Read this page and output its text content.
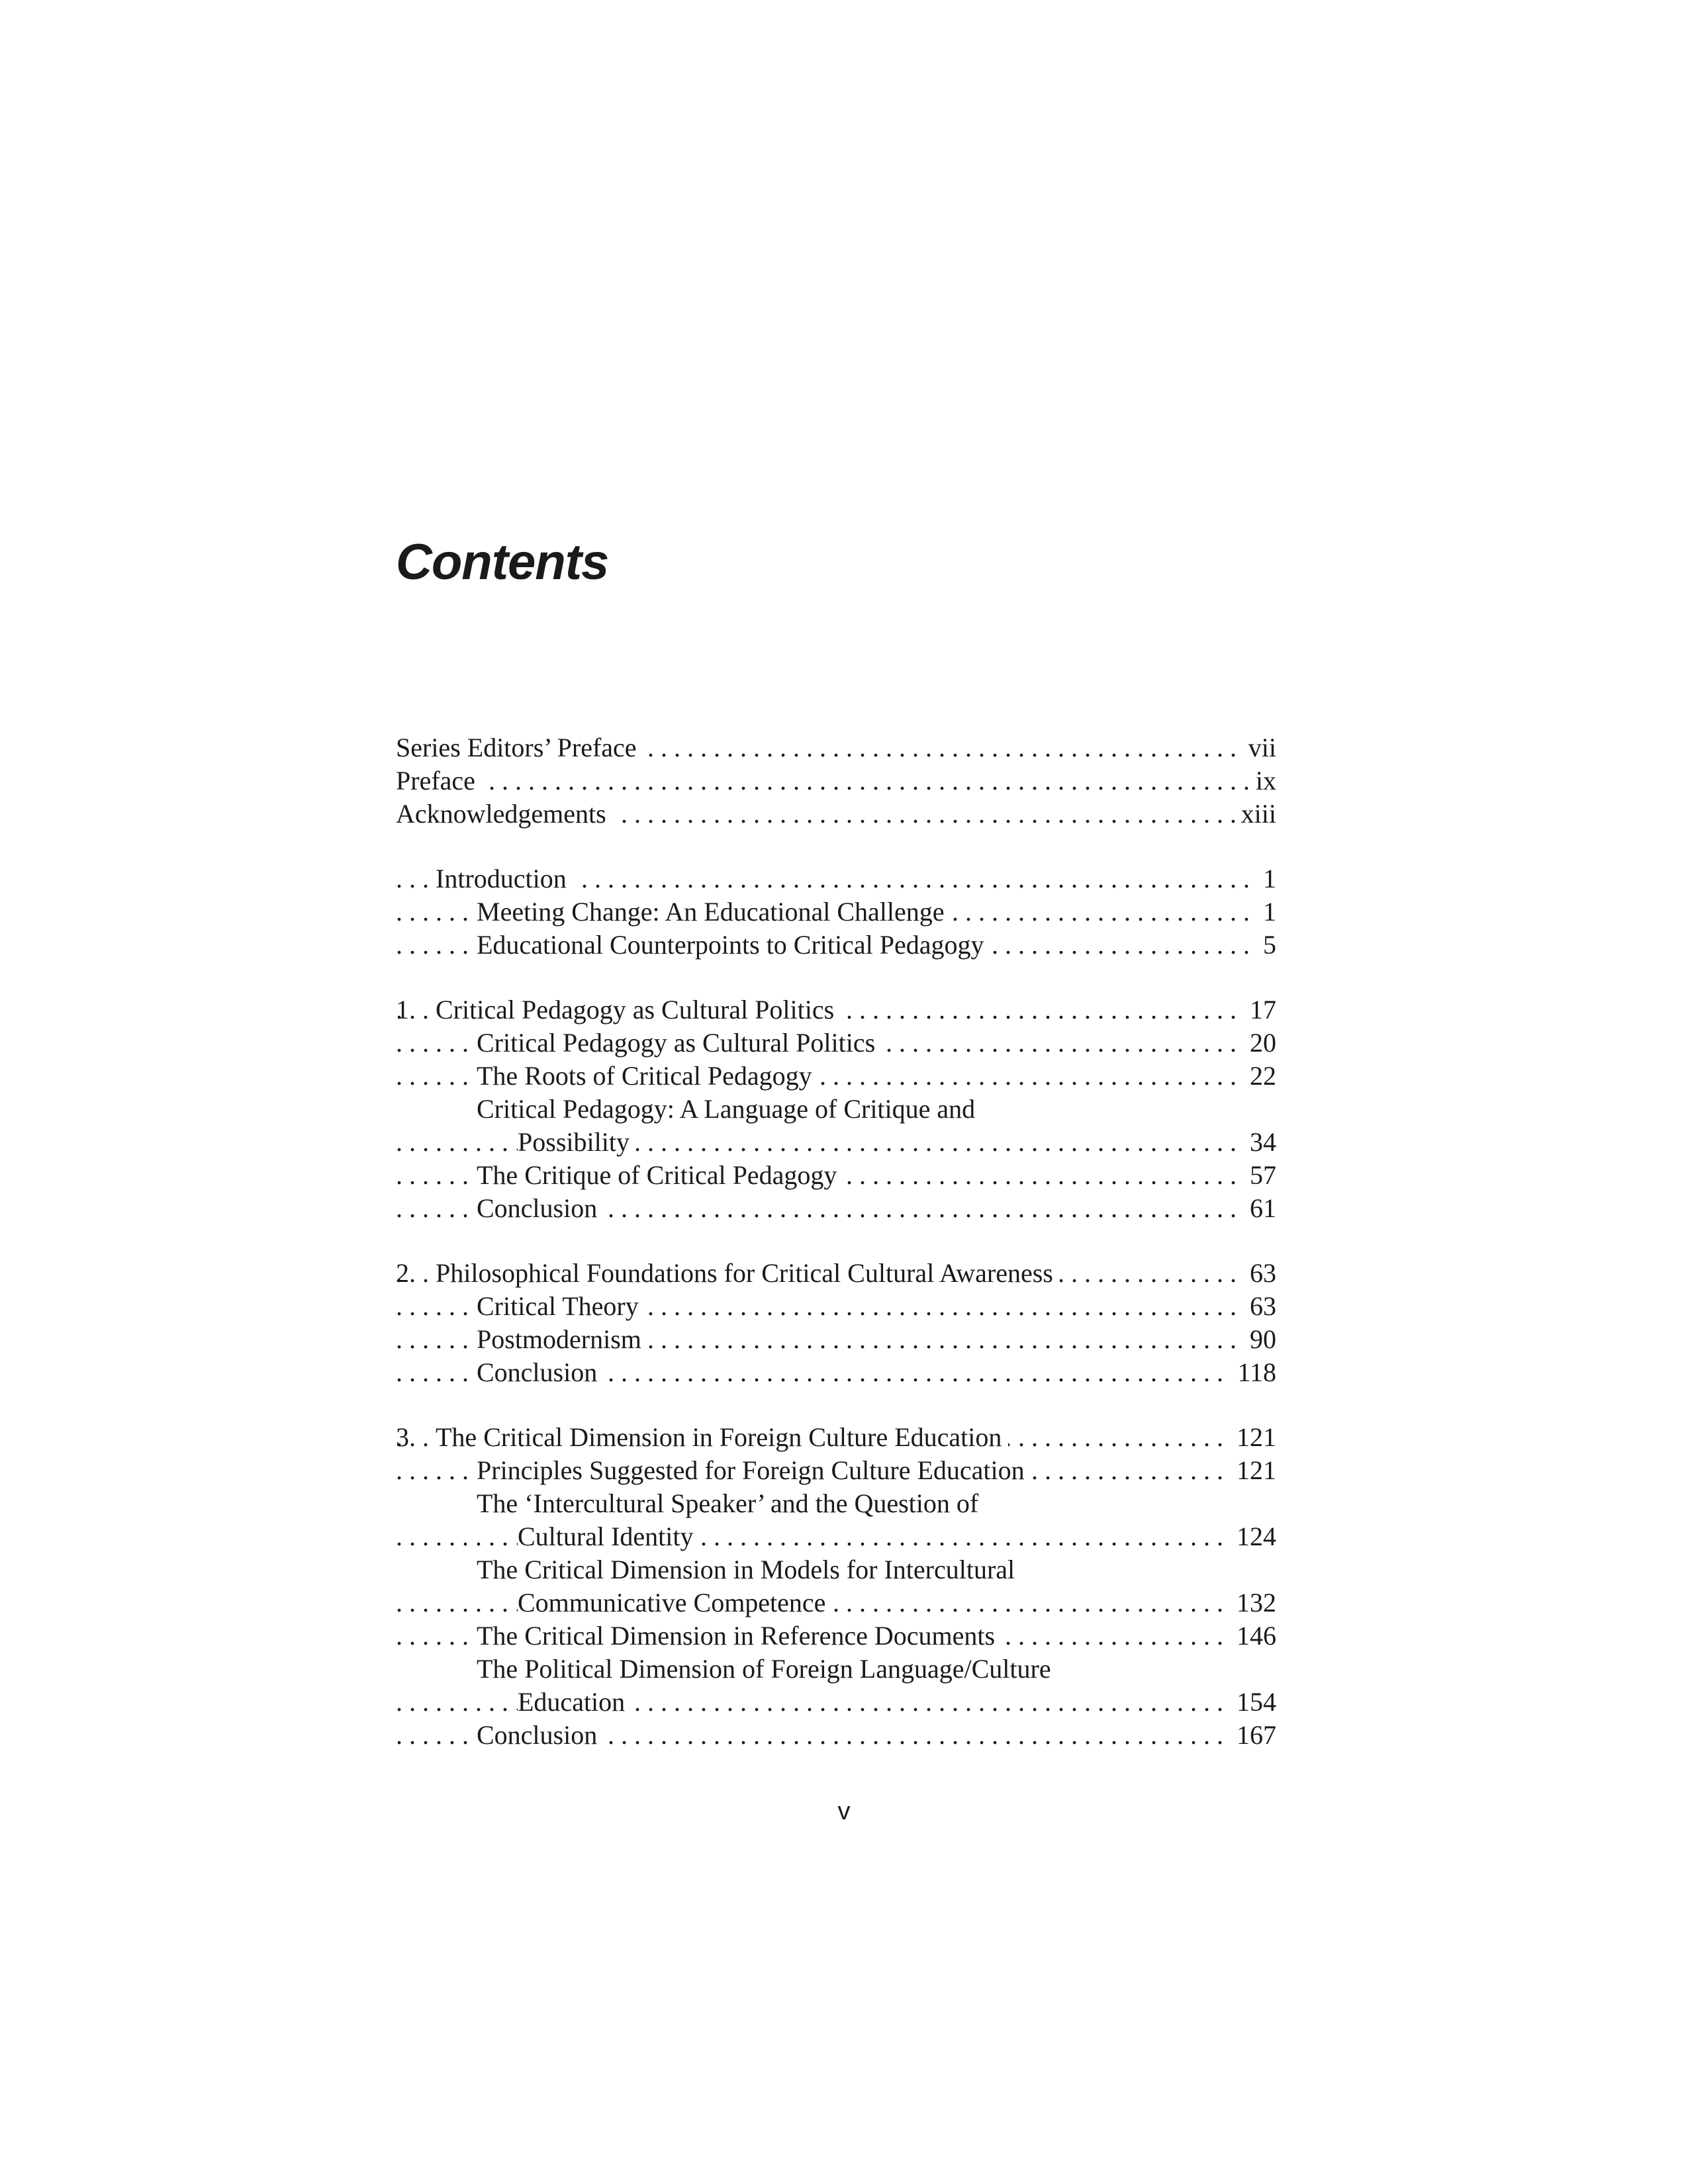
Contents
Series Editors’ Preface . . .	vii
Preface . . .	ix
Acknowledgements . . .	xiii
Introduction . . .	1
Meeting Change: An Educational Challenge . . .	1
Educational Counterpoints to Critical Pedagogy . . .	5
1 Critical Pedagogy as Cultural Politics . . .	17
Critical Pedagogy as Cultural Politics . . .	20
The Roots of Critical Pedagogy . . .	22
Critical Pedagogy: A Language of Critique and
Possibility . . .	34
The Critique of Critical Pedagogy . . .	57
Conclusion . . .	61
2 Philosophical Foundations for Critical Cultural Awareness . . .	63
Critical Theory . . .	63
Postmodernism . . .	90
Conclusion . . .	118
3 The Critical Dimension in Foreign Culture Education . . .	121
Principles Suggested for Foreign Culture Education . . .	121
The ‘Intercultural Speaker’ and the Question of
Cultural Identity . . .	124
The Critical Dimension in Models for Intercultural
Communicative Competence . . .	132
The Critical Dimension in Reference Documents . . .	146
The Political Dimension of Foreign Language/Culture
Education . . .	154
Conclusion . . .	167
v
